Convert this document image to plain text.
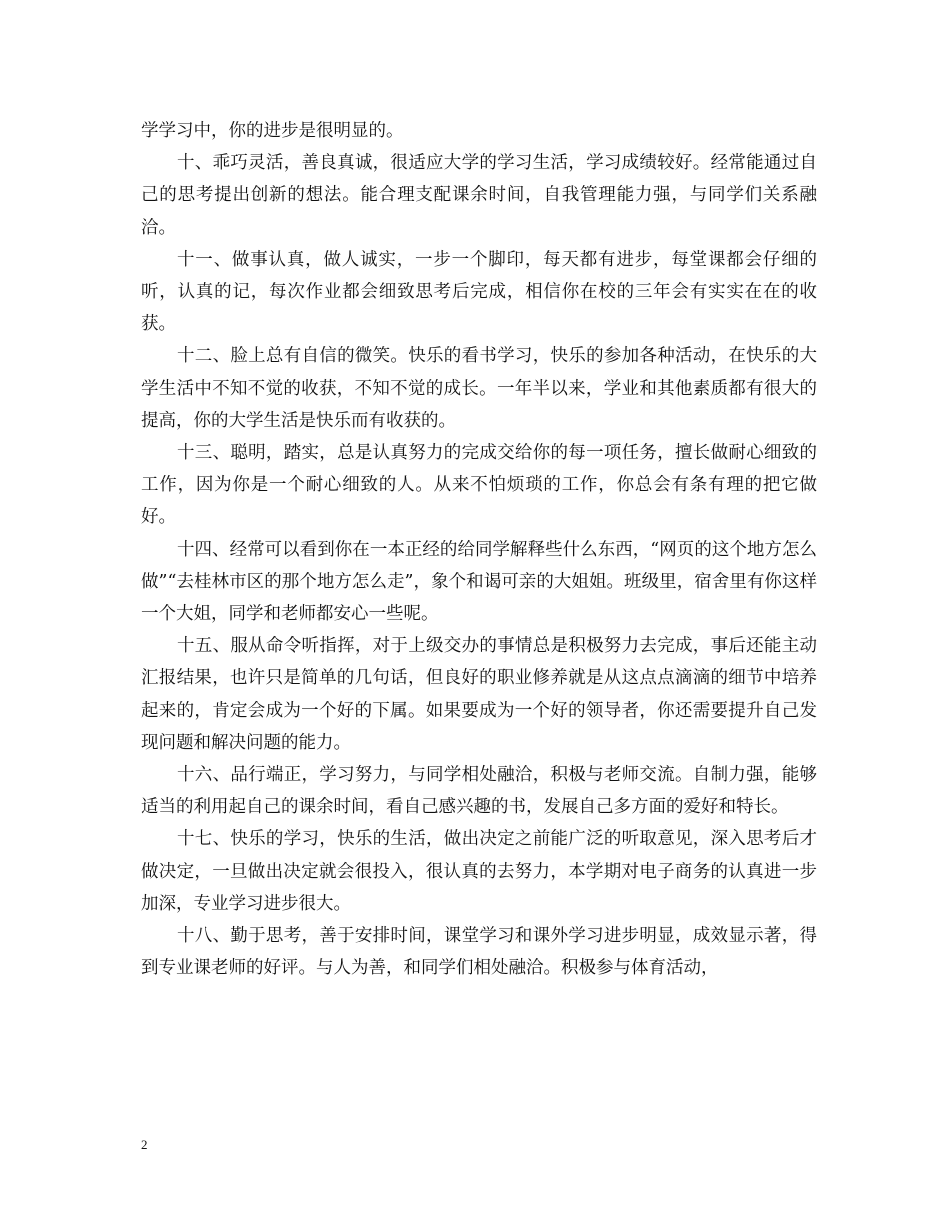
学学习中，你的进步是很明显的。

十、乖巧灵活，善良真诚，很适应大学的学习生活，学习成绩较好。经常能通过自己的思考提出创新的想法。能合理支配课余时间，自我管理能力强，与同学们关系融洽。

十一、做事认真，做人诚实，一步一个脚印，每天都有进步，每堂课都会仔细的听，认真的记，每次作业都会细致思考后完成，相信你在校的三年会有实实在在的收获。

十二、脸上总有自信的微笑。快乐的看书学习，快乐的参加各种活动，在快乐的大学生活中不知不觉的收获，不知不觉的成长。一年半以来，学业和其他素质都有很大的提高，你的大学生活是快乐而有收获的。

十三、聪明，踏实，总是认真努力的完成交给你的每一项任务，擅长做耐心细致的工作，因为你是一个耐心细致的人。从来不怕烦琐的工作，你总会有条有理的把它做好。

十四、经常可以看到你在一本正经的给同学解释些什么东西，“网页的这个地方怎么做”“去桂林市区的那个地方怎么走”，象个和谒可亲的大姐姐。班级里，宿舍里有你这样一个大姐，同学和老师都安心一些呢。

十五、服从命令听指挥，对于上级交办的事情总是积极努力去完成，事后还能主动汇报结果，也许只是简单的几句话，但良好的职业修养就是从这点点滴滴的细节中培养起来的，肯定会成为一个好的下属。如果要成为一个好的领导者，你还需要提升自己发现问题和解决问题的能力。

十六、品行端正，学习努力，与同学相处融洽，积极与老师交流。自制力强，能够适当的利用起自己的课余时间，看自己感兴趣的书，发展自己多方面的爱好和特长。

十七、快乐的学习，快乐的生活，做出决定之前能广泛的听取意见，深入思考后才做决定，一旦做出决定就会很投入，很认真的去努力，本学期对电子商务的认真进一步加深，专业学习进步很大。

十八、勤于思考，善于安排时间，课堂学习和课外学习进步明显，成效显示著，得到专业课老师的好评。与人为善，和同学们相处融洽。积极参与体育活动，

2
